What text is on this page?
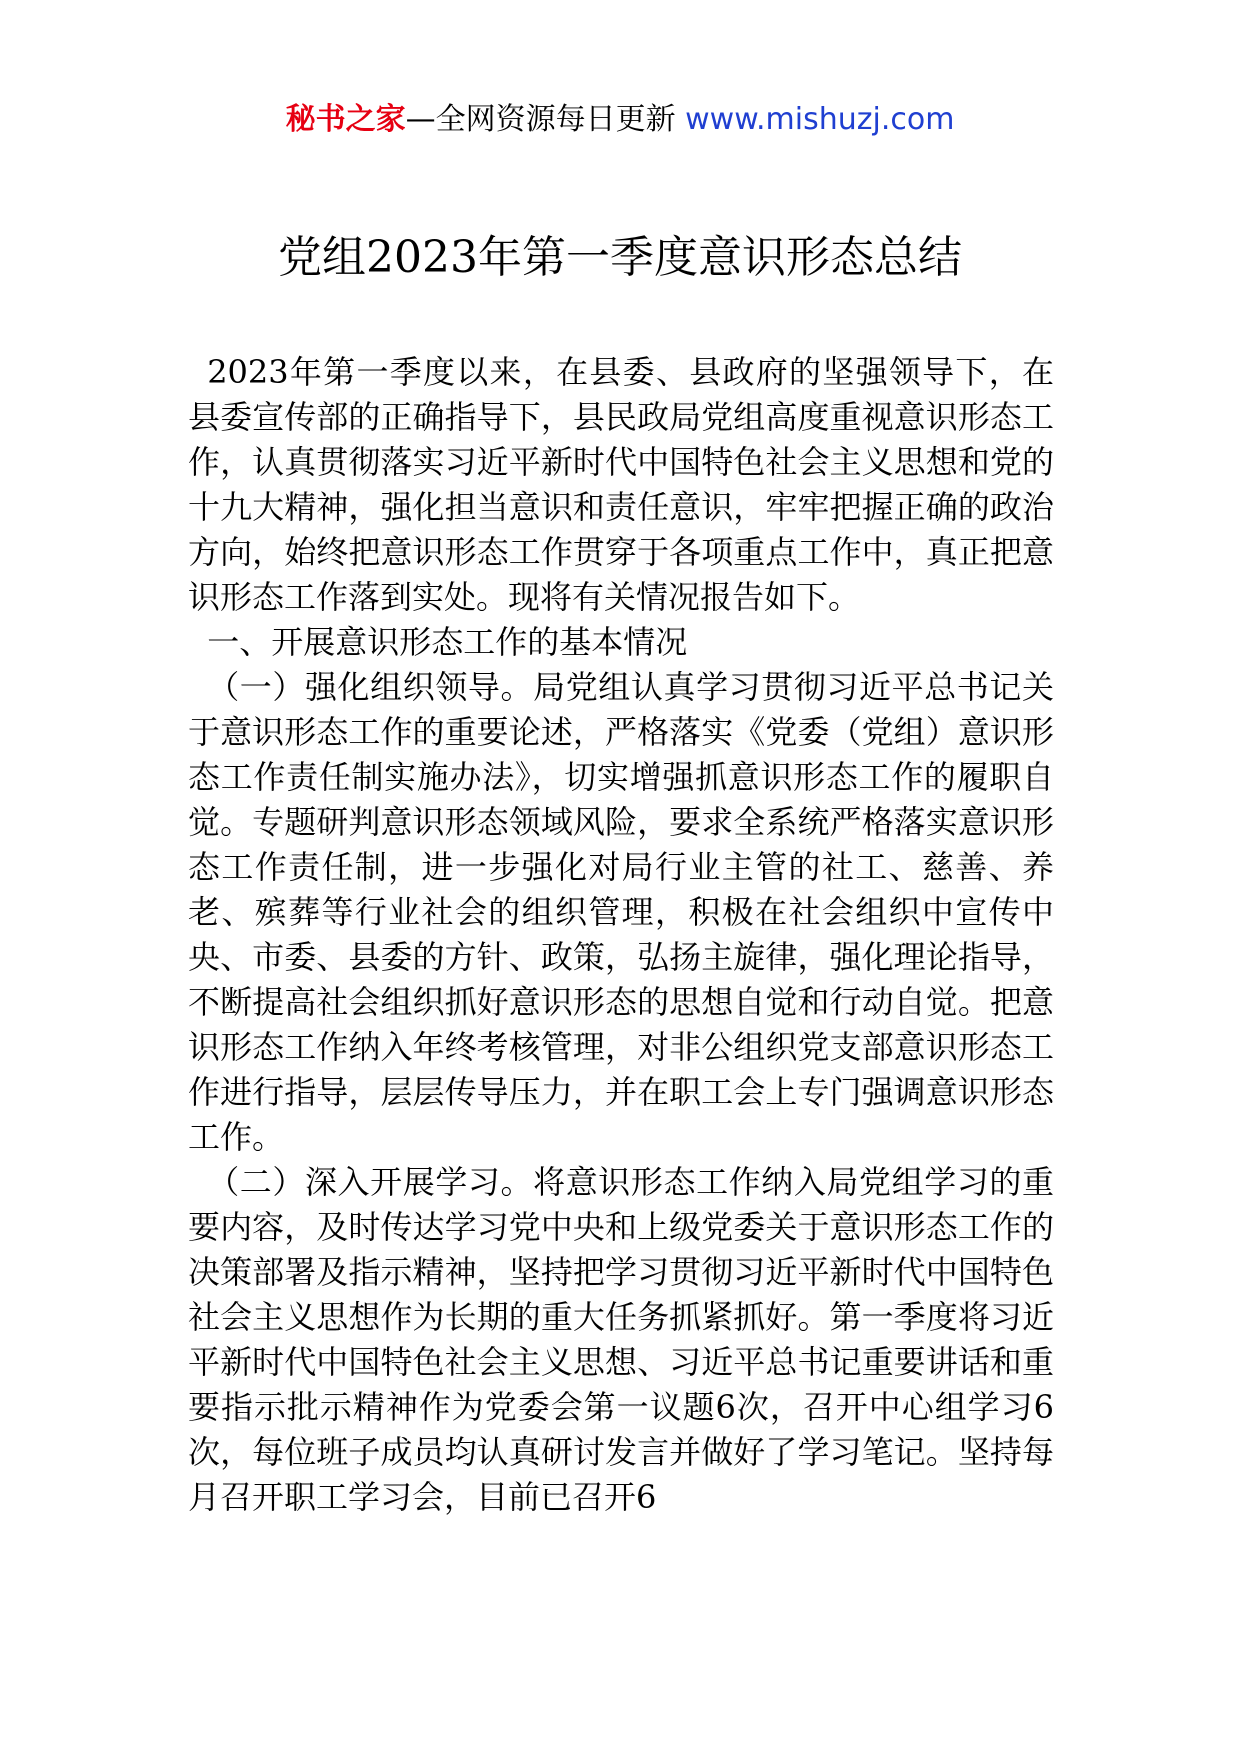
秘书之家—全网资源每日更新 www.mishuzj.com
党组2023年第一季度意识形态总结

2023年第一季度以来，在县委、县政府的坚强领导下，在县委宣传部的正确指导下，县民政局党组高度重视意识形态工作，认真贯彻落实习近平新时代中国特色社会主义思想和党的十九大精神，强化担当意识和责任意识，牢牢把握正确的政治方向，始终把意识形态工作贯穿于各项重点工作中，真正把意识形态工作落到实处。现将有关情况报告如下。

一、开展意识形态工作的基本情况

（一）强化组织领导。局党组认真学习贯彻习近平总书记关于意识形态工作的重要论述，严格落实《党委（党组）意识形态工作责任制实施办法》，切实增强抓意识形态工作的履职自觉。专题研判意识形态领域风险，要求全系统严格落实意识形态工作责任制，进一步强化对局行业主管的社工、慈善、养老、殡葬等行业社会的组织管理，积极在社会组织中宣传中央、市委、县委的方针、政策，弘扬主旋律，强化理论指导，不断提高社会组织抓好意识形态的思想自觉和行动自觉。把意识形态工作纳入年终考核管理，对非公组织党支部意识形态工作进行指导，层层传导压力，并在职工会上专门强调意识形态工作。

（二）深入开展学习。将意识形态工作纳入局党组学习的重要内容，及时传达学习党中央和上级党委关于意识形态工作的决策部署及指示精神，坚持把学习贯彻习近平新时代中国特色社会主义思想作为长期的重大任务抓紧抓好。第一季度将习近平新时代中国特色社会主义思想、习近平总书记重要讲话和重要指示批示精神作为党委会第一议题6次，召开中心组学习6次，每位班子成员均认真研讨发言并做好了学习笔记。坚持每月召开职工学习会，目前已召开6
